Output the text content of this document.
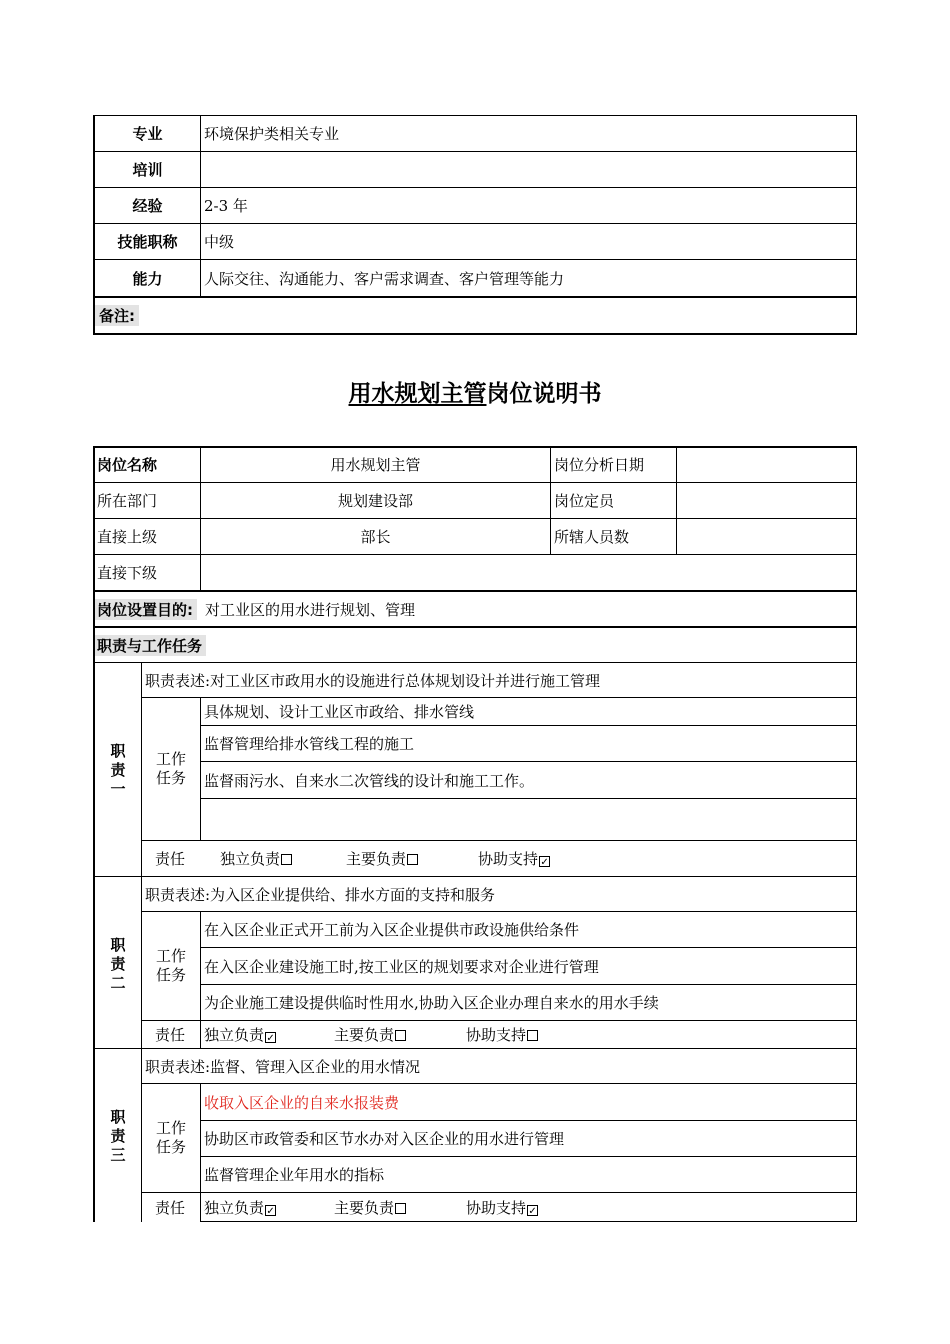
专业	环境保护类相关专业
培训
经验	2-3 年
技能职称	中级
能力	人际交往、沟通能力、客户需求调查、客户管理等能力
备注:
用水规划主管岗位说明书
岗位名称	用水规划主管	岗位分析日期
所在部门	规划建设部	岗位定员
直接上级	部长	所辖人员数
直接下级
岗位设置目的: 对工业区的用水进行规划、管理
职责与工作任务
职
责
一
职责表述:对工业区市政用水的设施进行总体规划设计并进行施工管理
工作
任务
具体规划、设计工业区市政给、排水管线
监督管理给排水管线工程的施工
监督雨污水、自来水二次管线的设计和施工工作。
责任 独立负责	主要负责	协助支持 ✓
职
责
二
职责表述:为入区企业提供给、排水方面的支持和服务
工作
任务
在入区企业正式开工前为入区企业提供市政设施供给条件
在入区企业建设施工时,按工业区的规划要求对企业进行管理
为企业施工建设提供临时性用水,协助入区企业办理自来水的用水手续
责任 独立负责 ✓	主要负责	协助支持
职
责
三
职责表述:监督、管理入区企业的用水情况
工作
任务
收取入区企业的自来水报装费
协助区市政管委和区节水办对入区企业的用水进行管理
监督管理企业年用水的指标
责任 独立负责 ✓	主要负责	协助支持 ✓
